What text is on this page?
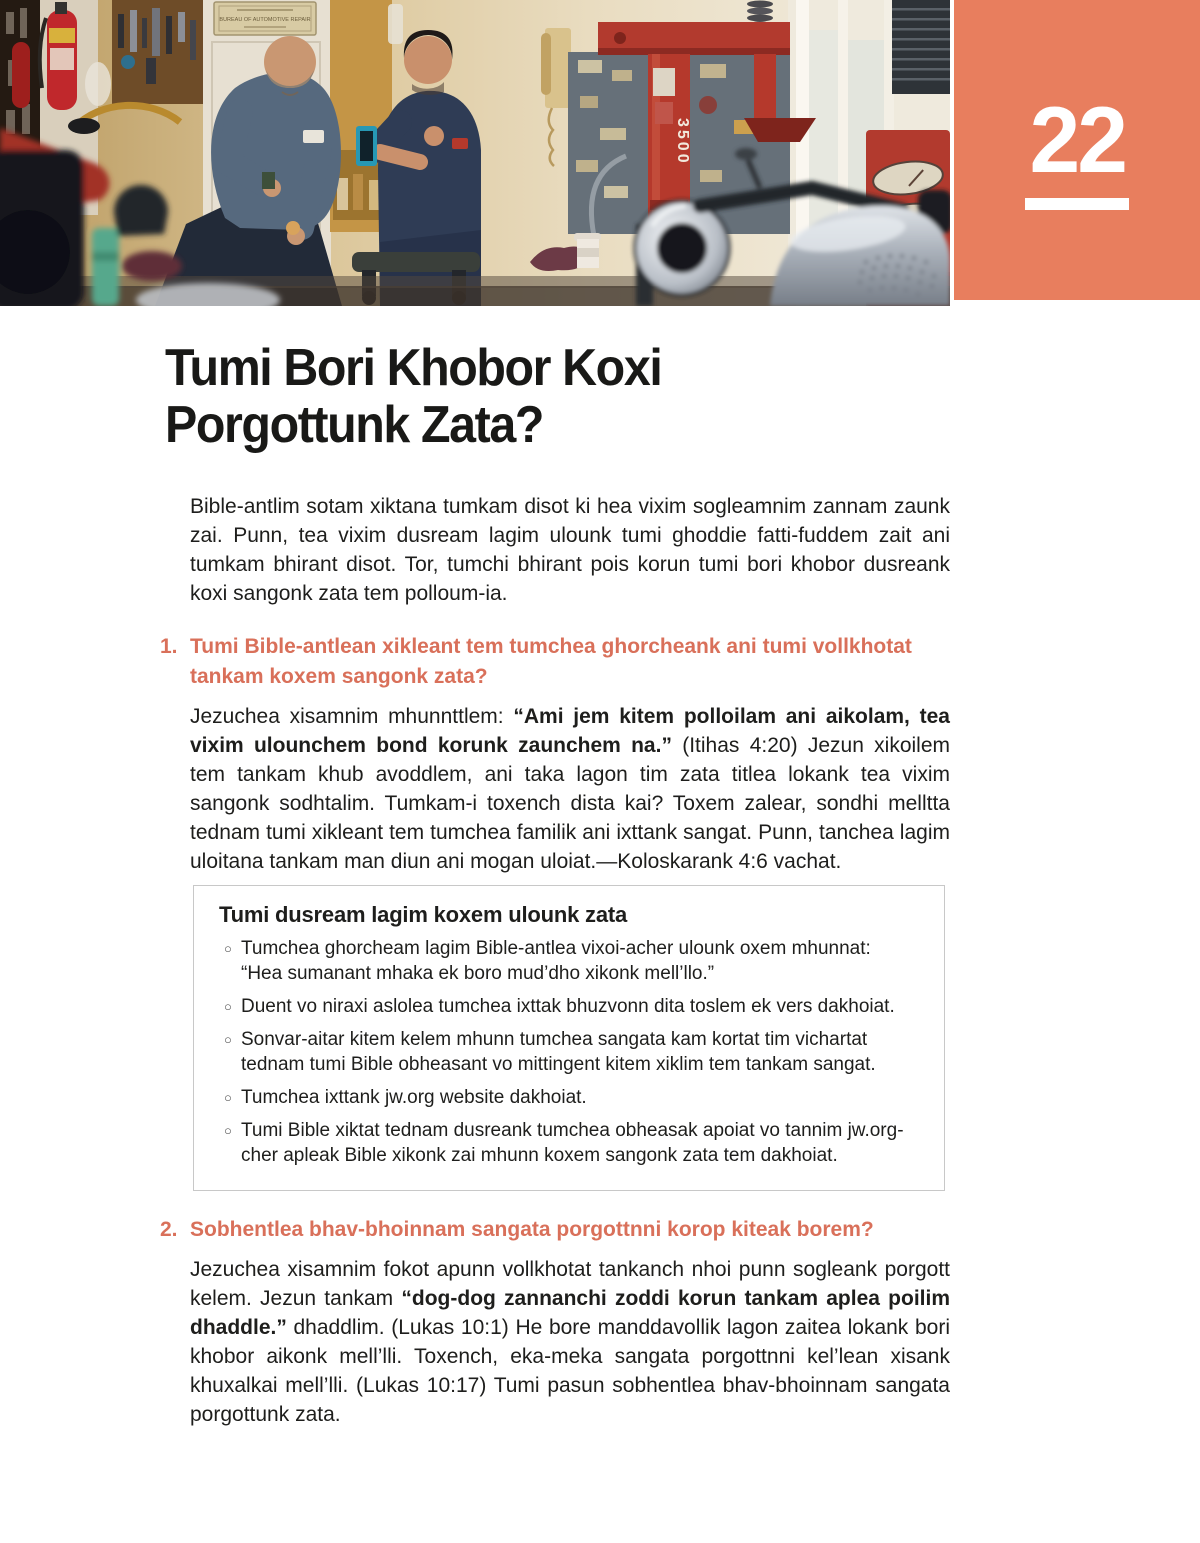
BUREAU OF AUTOMOTIVE REPAIR
3500	22
Tumi Bori Khobor Koxi Porgottunk Zata?

Bible-antlim sotam xiktana tumkam disot ki hea vixim sogleamnim zannam zaunk zai. Punn, tea vixim dusream lagim ulounk tumi ghoddie fatti-fuddem zait ani tumkam bhirant disot. Tor, tumchi bhirant pois korun tumi bori khobor dusreank koxi sangonk zata tem polloum-ia.

1. Tumi Bible-antlean xikleant tem tumchea ghorcheank ani tumi vollkhotat tankam koxem sangonk zata?

Jezuchea xisamnim mhunnttlem: “Ami jem kitem polloilam ani aikolam, tea vixim ulounchem bond korunk zaunchem na.” (Itihas 4:20) Jezun xikoilem tem tankam khub avoddlem, ani taka lagon tim zata titlea lokank tea vixim sangonk sodhtalim. Tumkam-i toxench dista kai? Toxem zalear, sondhi melltta tednam tumi xikleant tem tumchea familik ani ixttank sangat. Punn, tanchea lagim uloitana tankam man diun ani mogan uloiat.—Koloskarank 4:6 vachat.

Tumi dusream lagim koxem ulounk zata
○ Tumchea ghorcheam lagim Bible-antlea vixoi-acher ulounk oxem mhunnat: “Hea sumanant mhaka ek boro mud’dho xikonk mell’llo.”
○ Duent vo niraxi aslolea tumchea ixttak bhuzvonn dita toslem ek vers dakhoiat.
○ Sonvar-aitar kitem kelem mhunn tumchea sangata kam kortat tim vichartat tednam tumi Bible obheasant vo mittingent kitem xiklim tem tankam sangat.
○ Tumchea ixttank jw.org website dakhoiat.
○ Tumi Bible xiktat tednam dusreank tumchea obheasak apoiat vo tannim jw.org-cher apleak Bible xikonk zai mhunn koxem sangonk zata tem dakhoiat.
2. Sobhentlea bhav-bhoinnam sangata porgottnni korop kiteak borem?

Jezuchea xisamnim fokot apunn vollkhotat tankanch nhoi punn sogleank porgott kelem. Jezun tankam “dog-dog zannanchi zoddi korun tankam aplea poilim dhaddle.” dhaddlim. (Lukas 10:1) He bore manddavollik lagon zaitea lokank bori khobor aikonk mell’lli. Toxench, eka-meka sangata porgottnni kel’lean xisank khuxalkai mell’lli. (Lukas 10:17) Tumi pasun sobhentlea bhav-bhoinnam sangata porgottunk zata.
